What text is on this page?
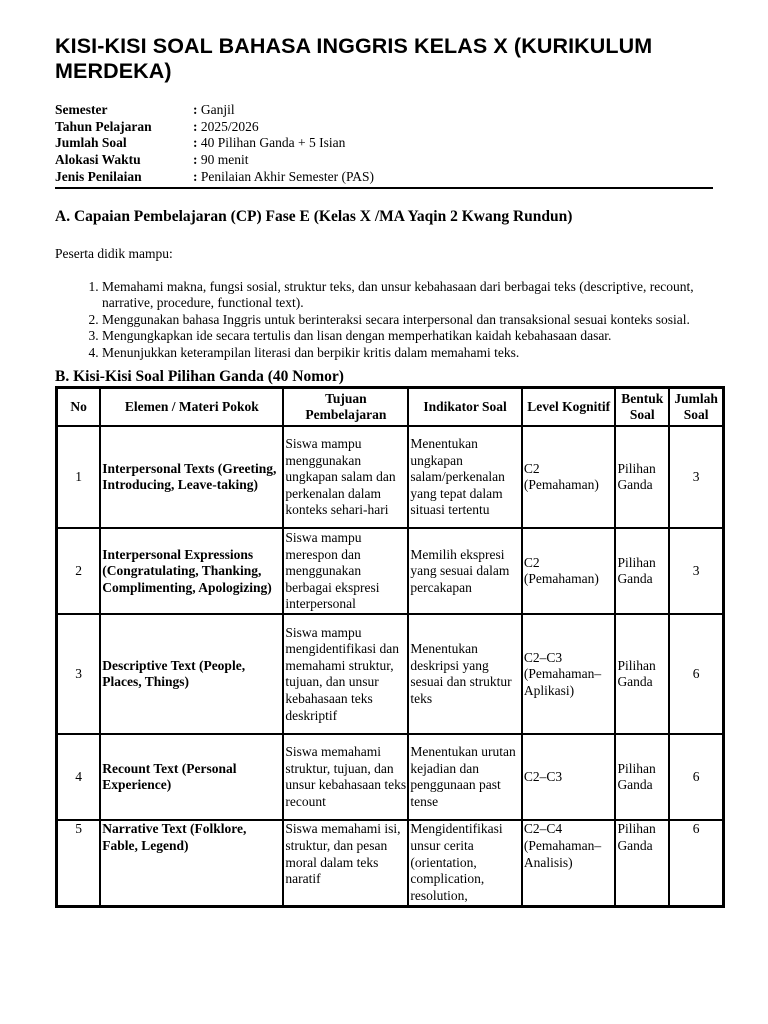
KISI-KISI SOAL BAHASA INGGRIS KELAS X (KURIKULUM MERDEKA)
Semester	:
Ganjil
Tahun Pelajaran	:
2025/2026
Jumlah Soal	:
40 Pilihan Ganda + 5 Isian
Alokasi Waktu	:
90 menit
Jenis Penilaian	:
Penilaian Akhir Semester (PAS)
A. Capaian Pembelajaran (CP) Fase E (Kelas X /MA Yaqin 2 Kwang Rundun)

Peserta didik mampu:

1. Memahami makna, fungsi sosial, struktur teks, dan unsur kebahasaan dari berbagai teks (descriptive, recount, narrative, procedure, functional text).
2. Menggunakan bahasa Inggris untuk berinteraksi secara interpersonal dan transaksional sesuai konteks sosial.
3. Mengungkapkan ide secara tertulis dan lisan dengan memperhatikan kaidah kebahasaan dasar.
4. Menunjukkan keterampilan literasi dan berpikir kritis dalam memahami teks.
B. Kisi-Kisi Soal Pilihan Ganda (40 Nomor)
No	Elemen / Materi Pokok	Tujuan Pembelajaran	Indikator Soal	Level Kognitif	Bentuk Soal	Jumlah Soal
1	Interpersonal Texts (Greeting, Introducing, Leave-taking)	Siswa mampu menggunakan ungkapan salam dan perkenalan dalam konteks sehari-hari	Menentukan ungkapan salam/perkenalan yang tepat dalam situasi tertentu	C2 (Pemahaman)	Pilihan Ganda	3
2	Interpersonal Expressions (Congratulating, Thanking, Complimenting, Apologizing)	Siswa mampu merespon dan menggunakan berbagai ekspresi interpersonal	Memilih ekspresi yang sesuai dalam percakapan	C2 (Pemahaman)	Pilihan Ganda	3
3	Descriptive Text (People, Places, Things)	Siswa mampu mengidentifikasi dan memahami struktur, tujuan, dan unsur kebahasaan teks deskriptif	Menentukan deskripsi yang sesuai dan struktur teks	C2–C3 (Pemahaman–Aplikasi)	Pilihan Ganda	6
4	Recount Text (Personal Experience)	Siswa memahami struktur, tujuan, dan unsur kebahasaan teks recount	Menentukan urutan kejadian dan penggunaan past tense	C2–C3	Pilihan Ganda	6
5	Narrative Text (Folklore, Fable, Legend)	Siswa memahami isi, struktur, dan pesan moral dalam teks naratif	Mengidentifikasi unsur cerita (orientation, complication, resolution,	C2–C4 (Pemahaman–Analisis)	Pilihan Ganda	6
